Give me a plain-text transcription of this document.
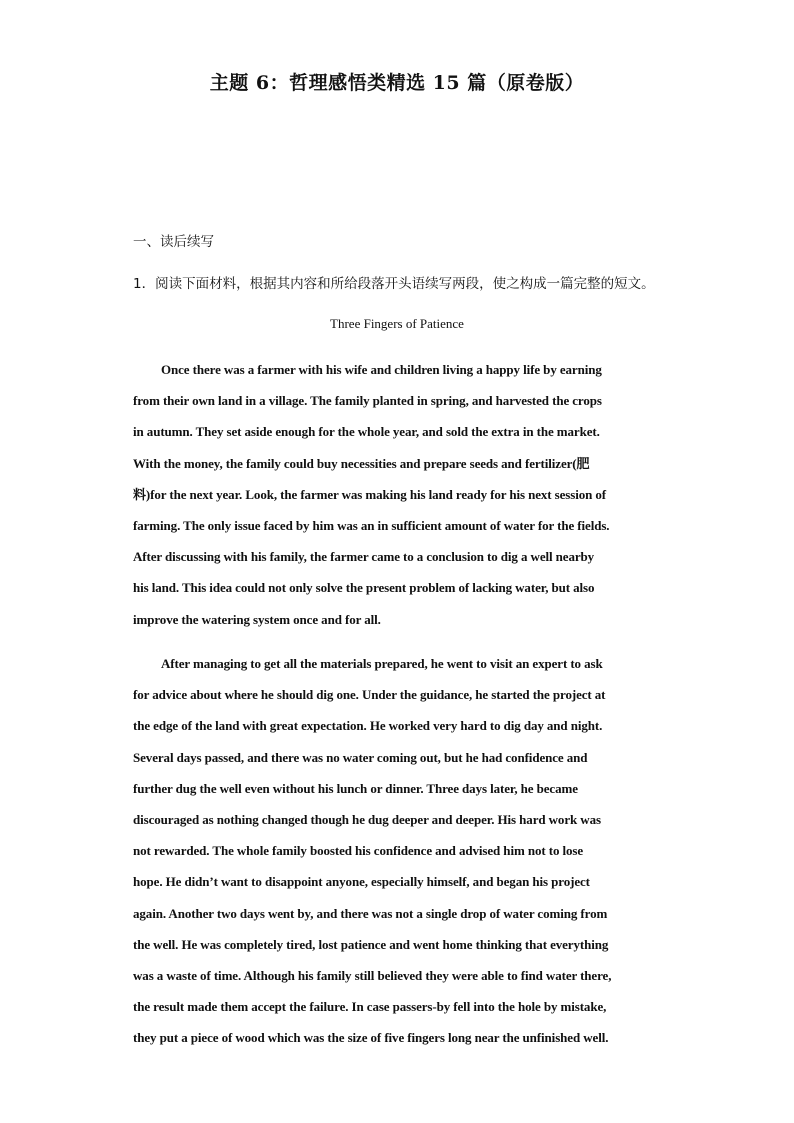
主题 6：哲理感悟类精选 15 篇（原卷版）
一、读后续写
1．阅读下面材料，根据其内容和所给段落开头语续写两段，使之构成一篇完整的短文。
Three Fingers of Patience
Once there was a farmer with his wife and children living a happy life by earning
from their own land in a village. The family planted in spring, and harvested the crops
in autumn. They set aside enough for the whole year, and sold the extra in the market.
With the money, the family could buy necessities and prepare seeds and fertilizer(肥
料)for the next year. Look, the farmer was making his land ready for his next session of
farming. The only issue faced by him was an in sufficient amount of water for the fields.
After discussing with his family, the farmer came to a conclusion to dig a well nearby
his land. This idea could not only solve the present problem of lacking water, but also
improve the watering system once and for all.
After managing to get all the materials prepared, he went to visit an expert to ask
for advice about where he should dig one. Under the guidance, he started the project at
the edge of the land with great expectation. He worked very hard to dig day and night.
Several days passed, and there was no water coming out, but he had confidence and
further dug the well even without his lunch or dinner. Three days later, he became
discouraged as nothing changed though he dug deeper and deeper. His hard work was
not rewarded. The whole family boosted his confidence and advised him not to lose
hope. He didn’t want to disappoint anyone, especially himself, and began his project
again. Another two days went by, and there was not a single drop of water coming from
the well. He was completely tired, lost patience and went home thinking that everything
was a waste of time. Although his family still believed they were able to find water there,
the result made them accept the failure. In case passers-by fell into the hole by mistake,
they put a piece of wood which was the size of five fingers long near the unfinished well.
